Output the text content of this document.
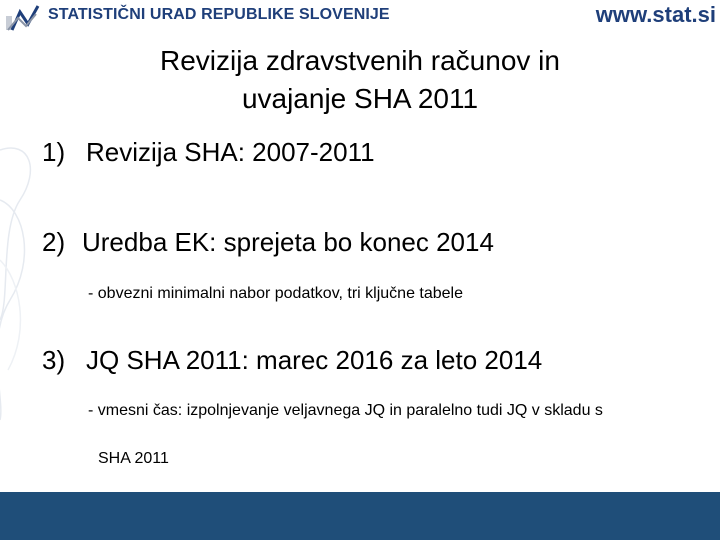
STATISTIČNI URAD REPUBLIKE SLOVENIJE	www.stat.si
Revizija zdravstvenih računov in
uvajanje SHA 2011
1) Revizija SHA: 2007-2011
2) Uredba EK: sprejeta bo konec 2014
- obvezni minimalni nabor podatkov, tri ključne tabele
3) JQ SHA 2011: marec 2016 za leto 2014
- vmesni čas: izpolnjevanje veljavnega JQ in paralelno tudi JQ v skladu s
SHA 2011
